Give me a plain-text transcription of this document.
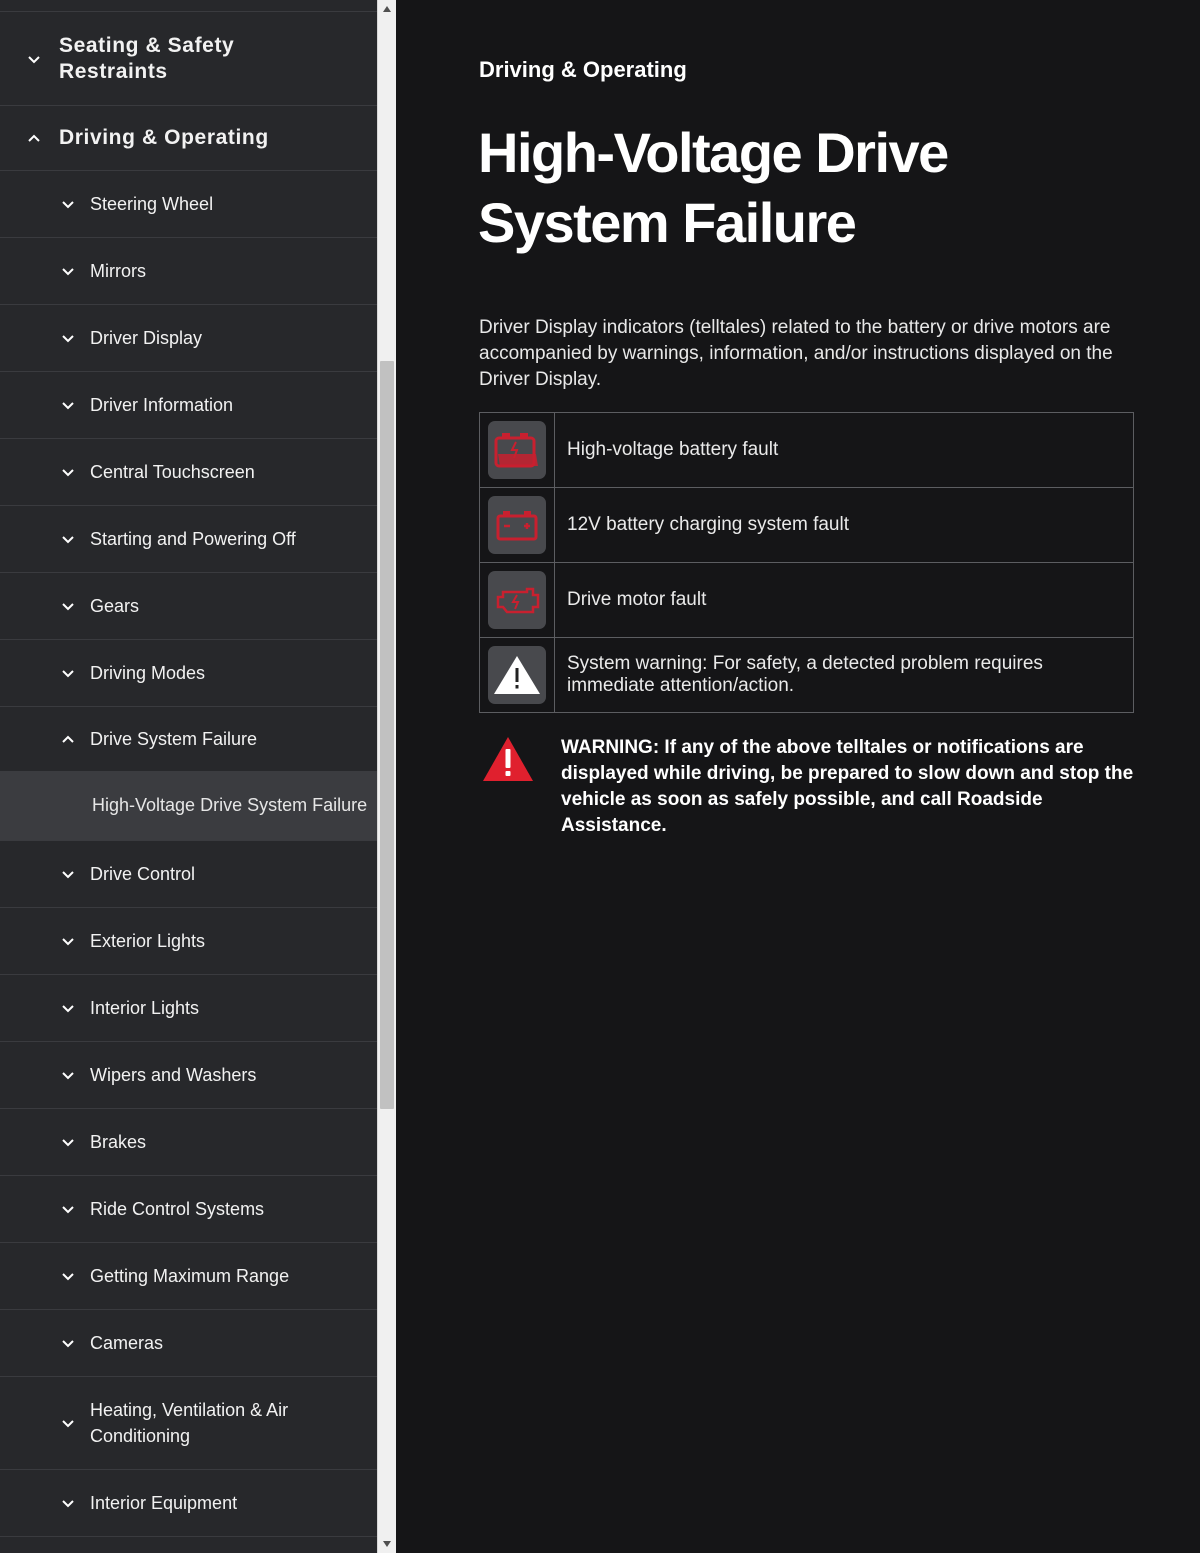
Seating & Safety Restraints
Driving & Operating
Steering Wheel
Mirrors
Driver Display
Driver Information
Central Touchscreen
Starting and Powering Off
Gears
Driving Modes
Drive System Failure
High-Voltage Drive System Failure
Drive Control
Exterior Lights
Interior Lights
Wipers and Washers
Brakes
Ride Control Systems
Getting Maximum Range
Cameras
Heating, Ventilation & Air Conditioning
Interior Equipment
Driving & Operating
High-Voltage Drive System Failure

Driver Display indicators (telltales) related to the battery or drive motors are accompanied by warnings, information, and/or instructions displayed on the Driver Display.

	High-voltage battery fault

	12V battery charging system fault

	Drive motor fault

	System warning: For safety, a detected problem requires immediate attention/action.
WARNING: If any of the above telltales or notifications are displayed while driving, be prepared to slow down and stop the vehicle as soon as safely possible, and call Roadside Assistance.
